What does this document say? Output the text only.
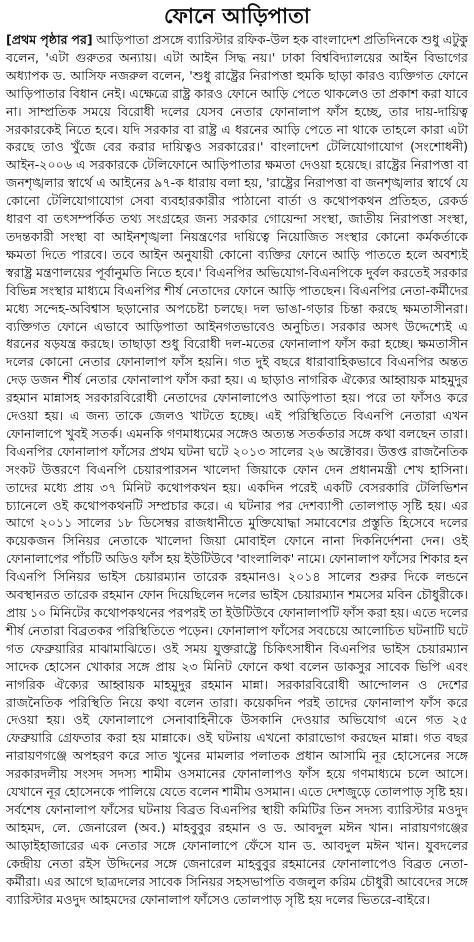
ফোনে আড়িপাতা

[প্রথম পৃষ্ঠার পর] আড়িপাতা প্রসঙ্গে ব্যারিস্টার রফিক-উল হক বাংলাদেশ প্রতিদিনকে শুধু এটুকু বলেন, 'এটা গুরুতর অন্যায়। এটা আইন সিদ্ধ নয়।' ঢাকা বিশ্ববিদ্যালয়ের আইন বিভাগের অধ্যাপক ড. আসিফ নজরুল বলেন, 'শুধু রাষ্ট্রের নিরাপত্তা হুমকি ছাড়া কারও ব্যক্তিগত ফোনে আড়িপাতার বিধান নেই। এক্ষেত্রে রাষ্ট্র কারও ফোনে আড়ি পেতে থাকলেও তা প্রকাশ করা যাবে না। সাম্প্রতিক সময়ে বিরোধী দলের যেসব নেতার ফোনালাপ ফাঁস হচ্ছে, তার দায়-দায়িত্ব সরকারকেই নিতে হবে। যদি সরকার বা রাষ্ট্র এ ধরনের আড়ি পেতে না থাকে তাহলে কারা এটা করছে তাও খুঁজে বের করার দায়িত্বও সরকারের।' বাংলাদেশ টেলিযোগাযোগ (সংশোধনী) আইন-২০০৬ এ সরকারকে টেলিফোনে আড়িপাতার ক্ষমতা দেওয়া হয়েছে। রাষ্ট্রের নিরাপত্তা বা জনশৃঙ্খলার স্বার্থে এ আইনের ৯৭-ক ধারায় বলা হয়, 'রাষ্ট্রের নিরাপত্তা বা জনশৃঙ্খলার স্বার্থে যে কোনো টেলিযোগাযোগ সেবা ব্যবহারকারীর পাঠানো বার্তা ও কথোপকথন প্রতিহত, রেকর্ড ধারণ বা তৎসম্পর্কিত তথ্য সংগ্রহের জন্য সরকার গোয়েন্দা সংস্থা, জাতীয় নিরাপত্তা সংস্থা, তদন্তকারী সংস্থা বা আইনশৃঙ্খলা নিয়ন্ত্রণের দায়িত্বে নিয়োজিত সংস্থার কোনো কর্মকর্তাকে ক্ষমতা দিতে পারবে। তবে আইন অনুযায়ী কোনো ব্যক্তির ফোনে আড়ি পাততে হলে অবশ্যই স্বরাষ্ট্র মন্ত্রণালয়ের পূর্বানুমতি নিতে হবে।' বিএনপির অভিযোগ-বিএনপিকে দুর্বল করতেই সরকার বিভিন্ন সংস্থার মাধ্যমে বিএনপির শীর্ষ নেতাদের ফোনে আড়ি পাতছেন। বিএনপির নেতা-কর্মীদের মধ্যে সন্দেহ-অবিশ্বাস ছড়ানোর অপচেষ্টা চলছে। দল ভাঙা-গড়ার চিন্তা করছে ক্ষমতাসীনরা। ব্যক্তিগত ফোনে এভাবে আড়িপাতা আইনগতভাবেও অনুচিত। সরকার অসৎ উদ্দেশ্যেই এ ধরনের ষড়যন্ত্র করছে। তাছাড়া শুধু বিরোধী দল-মতের ফোনালাপ ফাঁস করা হচ্ছে। ক্ষমতাসীন দলের কোনো নেতার ফোনালাপ ফাঁস হয়নি। গত দুই বছরে ধারাবাহিকভাবে বিএনপির অন্তত দেড় ডজন শীর্ষ নেতার ফোনালাপ ফাঁস করা হয়। এ ছাড়াও নাগরিক ঐক্যের আহ্বায়ক মাহমুদুর রহমান মান্নাসহ সরকারবিরোধী নেতাদের ফোনালাপেও আড়িপাতা হয়। পরে তা ফাঁসও করে দেওয়া হয়। এ জন্য তাকে জেলও খাটতে হচ্ছে। এই পরিস্থিতিতে বিএনপি নেতারা এখন ফোনালাপে খুবই সতর্ক। এমনকি গণমাধ্যমের সঙ্গেও অত্যন্ত সতর্কতার সঙ্গে কথা বলছেন তারা। বিএনপির ফোনালাপ ফাঁসের প্রথম ঘটনা ঘটে ২০১৩ সালের ২৬ অক্টোবর। উত্তপ্ত রাজনৈতিক সংকট উত্তরণে বিএনপি চেয়ারপারসন খালেদা জিয়াকে ফোন দেন প্রধানমন্ত্রী শেখ হাসিনা। তাদের মধ্যে প্রায় ৩৭ মিনিট কথোপকথন হয়। একদিন পরেই একটি বেসরকারি টেলিভিশন চ্যানেলে ওই কথোপকথনটি সম্প্রচার করে। এ ঘটনার পর দেশব্যাপী তোলপাড় সৃষ্টি হয়। এর আগে ২০১১ সালের ১৮ ডিসেম্বর রাজধানীতে মুক্তিযোদ্ধা সমাবেশের প্রস্তুতি হিসেবে দলের কয়েকজন সিনিয়র নেতাকে খালেদা জিয়া মোবাইল ফোনে নানা দিকনির্দেশনা দেন। ওই ফোনালাপের পাঁচটি অডিও ফাঁস হয় ইউটিউবে 'বাংলালিক' নামে। ফোনালাপ ফাঁসের শিকার হন বিএনপি সিনিয়র ভাইস চেয়ারম্যান তারেক রহমানও। ২০১৪ সালের শুরুর দিকে লন্ডনে অবস্থানরত তারেক রহমান ফোন দিয়েছিলেন দলের ভাইস চেয়ারম্যান শমসের মবিন চৌধুরীকে। প্রায় ১০ মিনিটের কথোপকথনের পরপরই তা ইউটিউবে ফোনালাপটি ফাঁস করা হয়। এতে দলের শীর্ষ নেতারা বিব্রতকর পরিস্থিতিতে পড়েন। ফোনালাপ ফাঁসের সবচেয়ে আলোচিত ঘটনাটি ঘটে গত ফেব্রুয়ারির মাঝামাঝিতে। ওই সময় যুক্তরাষ্ট্রে চিকিৎসাধীন বিএনপির ভাইস চেয়ারম্যান সাদেক হোসেন খোকার সঙ্গে প্রায় ২৩ মিনিট ফোনে কথা বলেন ডাকসুর সাবেক ভিপি এবং নাগরিক ঐক্যের আহ্বায়ক মাহমুদুর রহমান মান্না। সরকারবিরোধী আন্দোলন ও দেশের রাজনৈতিক পরিস্থিতি নিয়ে কথা বলেন তারা। কয়েকদিন পরই তাদের ফোনালাপ ফাঁস করে দেওয়া হয়। ওই ফোনালাপে সেনাবাহিনীকে উসকানি দেওয়ার অভিযোগ এনে গত ২৫ ফেব্রুয়ারি গ্রেফতার করা হয় মান্নাকে। ওই ঘটনায় এখনো কারাভোগ করছেন মান্না। গত বছর নারায়ণগঞ্জে অপহরণ করে সাত খুনের মামলার পলাতক প্রধান আসামি নূর হোসেনের সঙ্গে সরকারদলীয় সংসদ সদস্য শামীম ওসমানের ফোনালাপও ফাঁস হয়ে গণমাধ্যমে চলে আসে। যেখানে নূর হোসেনকে পালিয়ে যেতে বলেন শামীম ওসমান। এতে দেশজুড়ে তোলপাড় সৃষ্টি হয়। সর্বশেষ ফোনালাপ ফাঁসের ঘটনায় বিব্রত বিএনপির স্থায়ী কমিটির তিন সদস্য ব্যারিস্টার মওদুদ আহমদ, লে. জেনারেল (অব.) মাহবুবুর রহমান ও ড. আবদুল মঈন খান। নারায়ণগঞ্জের আড়াইহাজারের এক নেতার সঙ্গে ফোনালাপে ফেঁসে যান ড. আবদুল মঈন খান। যুবদলের কেন্দ্রীয় নেতা রইস উদ্দিনের সঙ্গে জেনারেল মাহবুবুর রহমানের ফোনালাপেও বিব্রত নেতা-কর্মীরা। এর আগে ছাত্রদলের সাবেক সিনিয়র সহসভাপতি বজলুল করিম চৌধুরী আবেদের সঙ্গে ব্যারিস্টার মওদুদ আহমদের ফোনালাপ ফাঁসেও তোলপাড় সৃষ্টি হয় দলের ভিতরে-বাইরে।
